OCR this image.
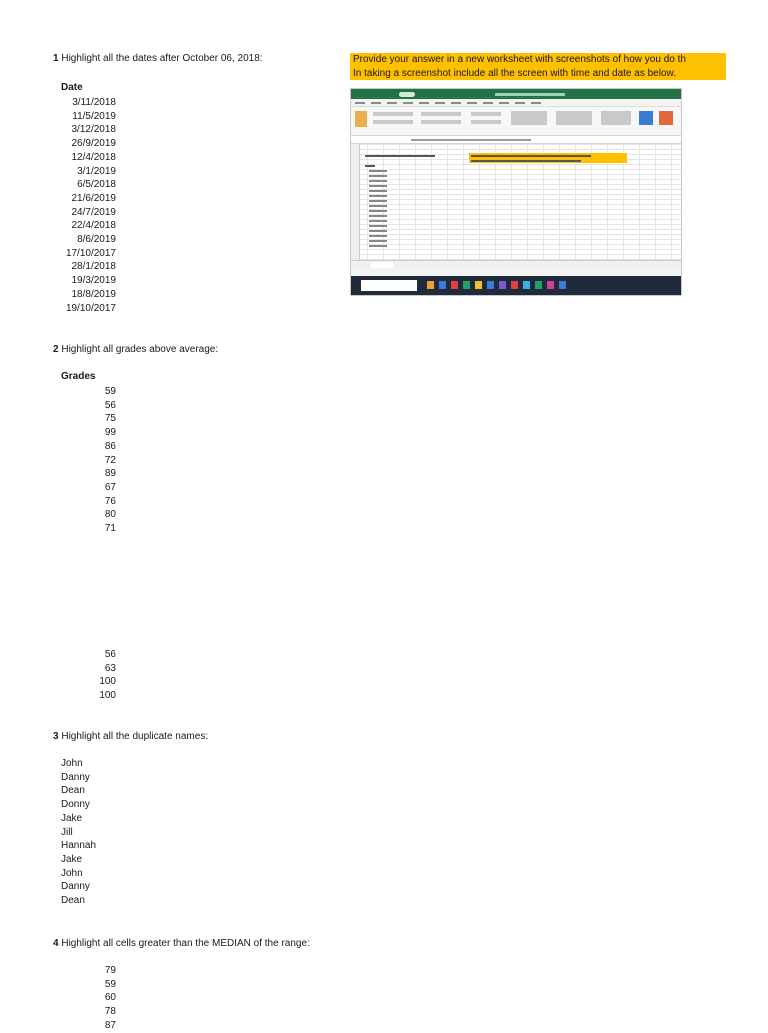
1 Highlight all the dates after October 06, 2018:
Date
3/11/2018
11/5/2019
3/12/2018
26/9/2019
12/4/2018
3/1/2019
6/5/2018
21/6/2019
24/7/2019
22/4/2018
8/6/2019
17/10/2017
28/1/2018
19/3/2019
18/8/2019
19/10/2017
Provide your answer in a new worksheet with screenshots of how you do th
In taking a screenshot include all the screen with time and date as below.
2 Highlight all grades above average:
Grades
59
56
75
99
86
72
89
67
76
80
71
56
63
100
100
3 Highlight all the duplicate names:
John
Danny
Dean
Donny
Jake
Jill
Hannah
Jake
John
Danny
Dean
4 Highlight all cells greater than the MEDIAN of the range:
79
59
60
78
87
